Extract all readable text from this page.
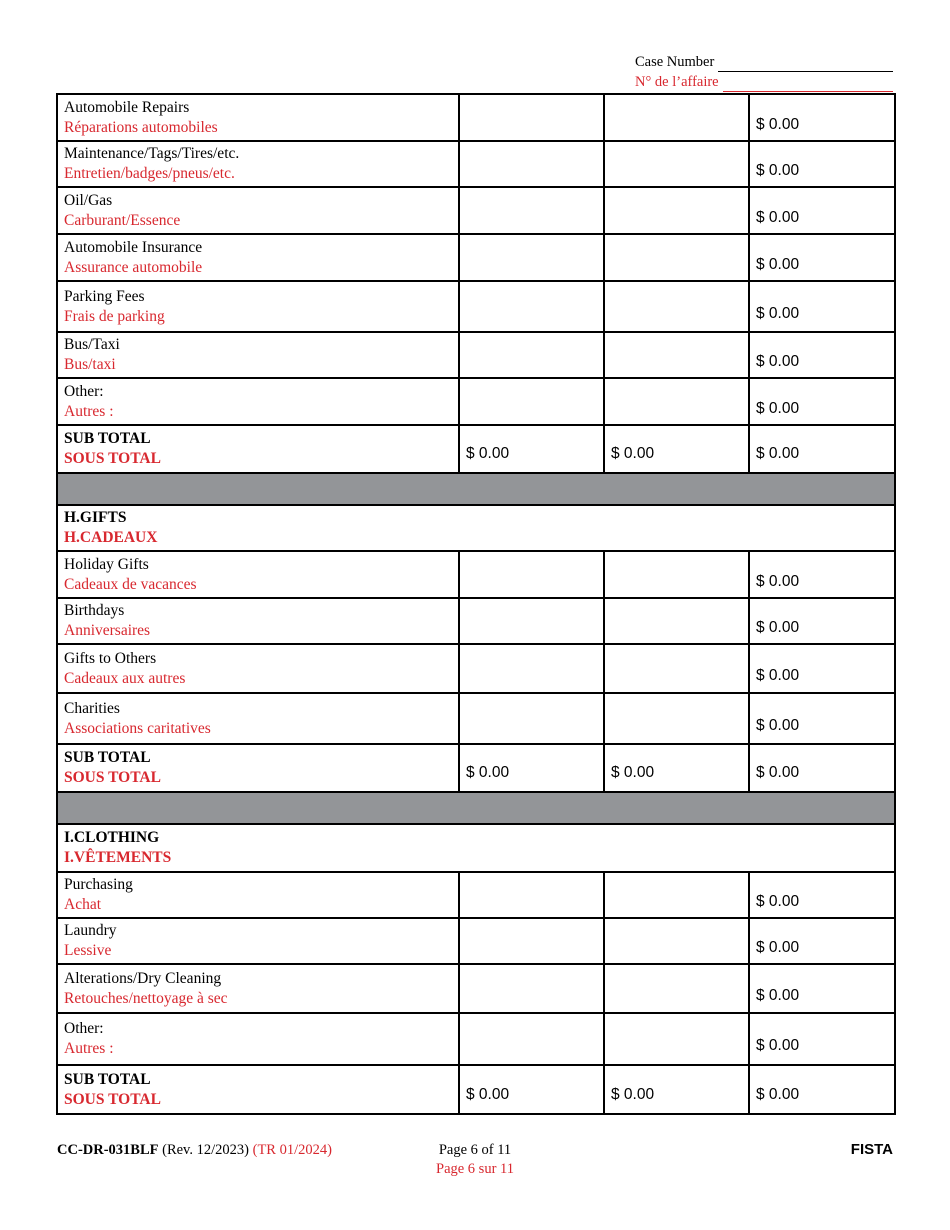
Case Number
N° de l’affaire
Automobile Repairs
Réparations automobiles			$ 0.00

Maintenance/Tags/Tires/etc.
Entretien/badges/pneus/etc.			$ 0.00

Oil/Gas
Carburant/Essence			$ 0.00

Automobile Insurance
Assurance automobile			$ 0.00

Parking Fees
Frais de parking			$ 0.00

Bus/Taxi
Bus/taxi			$ 0.00

Other:
Autres :			$ 0.00

SUB TOTAL
SOUS TOTAL	$ 0.00	$ 0.00	$ 0.00

H.GIFTS
H.CADEAUX			

Holiday Gifts
Cadeaux de vacances			$ 0.00

Birthdays
Anniversaires			$ 0.00

Gifts to Others
Cadeaux aux autres			$ 0.00

Charities
Associations caritatives			$ 0.00

SUB TOTAL
SOUS TOTAL	$ 0.00	$ 0.00	$ 0.00

I.CLOTHING
I.VÊTEMENTS			

Purchasing
Achat			$ 0.00

Laundry
Lessive			$ 0.00

Alterations/Dry Cleaning
Retouches/nettoyage à sec			$ 0.00

Other:
Autres :			$ 0.00

SUB TOTAL
SOUS TOTAL	$ 0.00	$ 0.00	$ 0.00
CC-DR-031BLF (Rev. 12/2023) (TR 01/2024)	Page 6 of 11
Page 6 sur 11
FISTA
